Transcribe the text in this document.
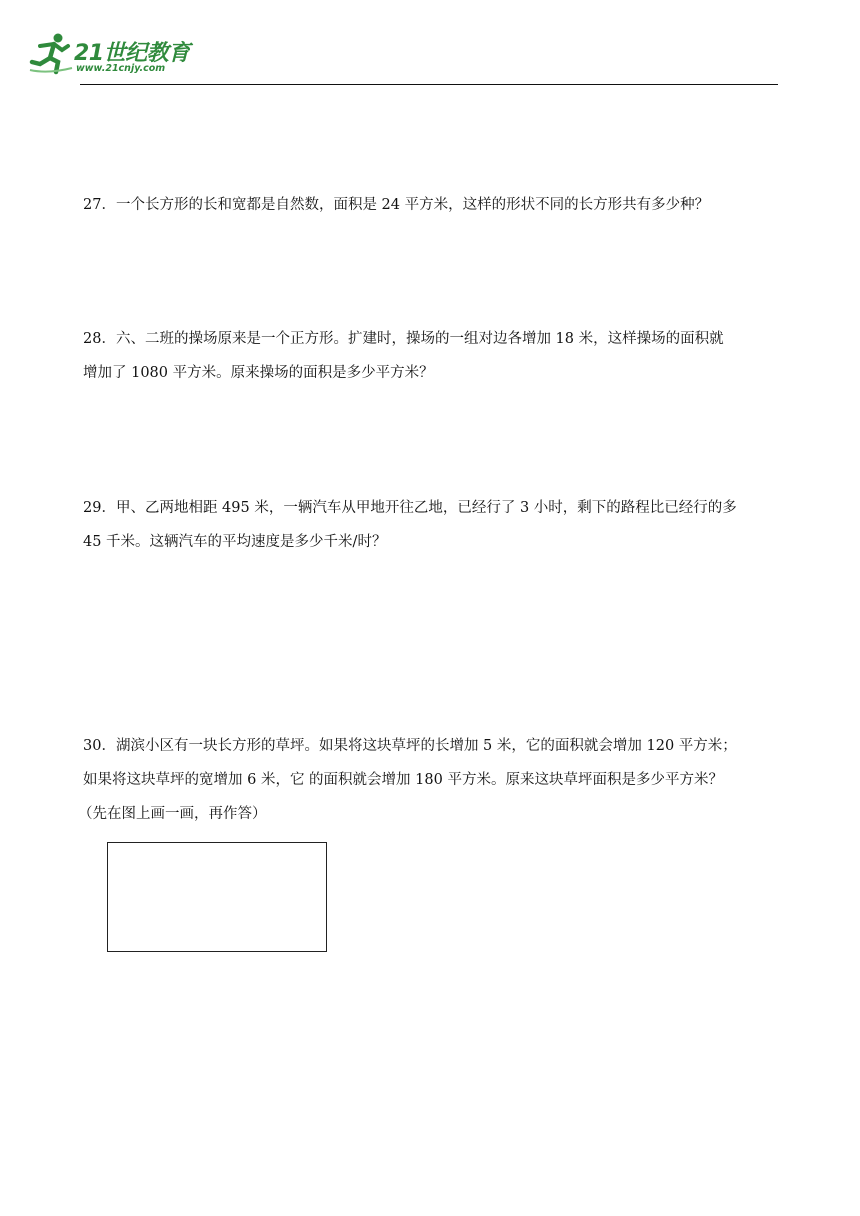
21世纪教育
www.21cnjy.com
27．一个长方形的长和宽都是自然数，面积是 24 平方米，这样的形状不同的长方形共有多少种？
28．六、二班的操场原来是一个正方形。扩建时，操场的一组对边各增加 18 米，这样操场的面积就
增加了 1080 平方米。原来操场的面积是多少平方米？
29．甲、乙两地相距 495 米，一辆汽车从甲地开往乙地，已经行了 3 小时，剩下的路程比已经行的多
45 千米。这辆汽车的平均速度是多少千米/时？
30．湖滨小区有一块长方形的草坪。如果将这块草坪的长增加 5 米，它的面积就会增加 120 平方米；
如果将这块草坪的宽增加 6 米，它 的面积就会增加 180 平方米。原来这块草坪面积是多少平方米？
（先在图上画一画，再作答）
